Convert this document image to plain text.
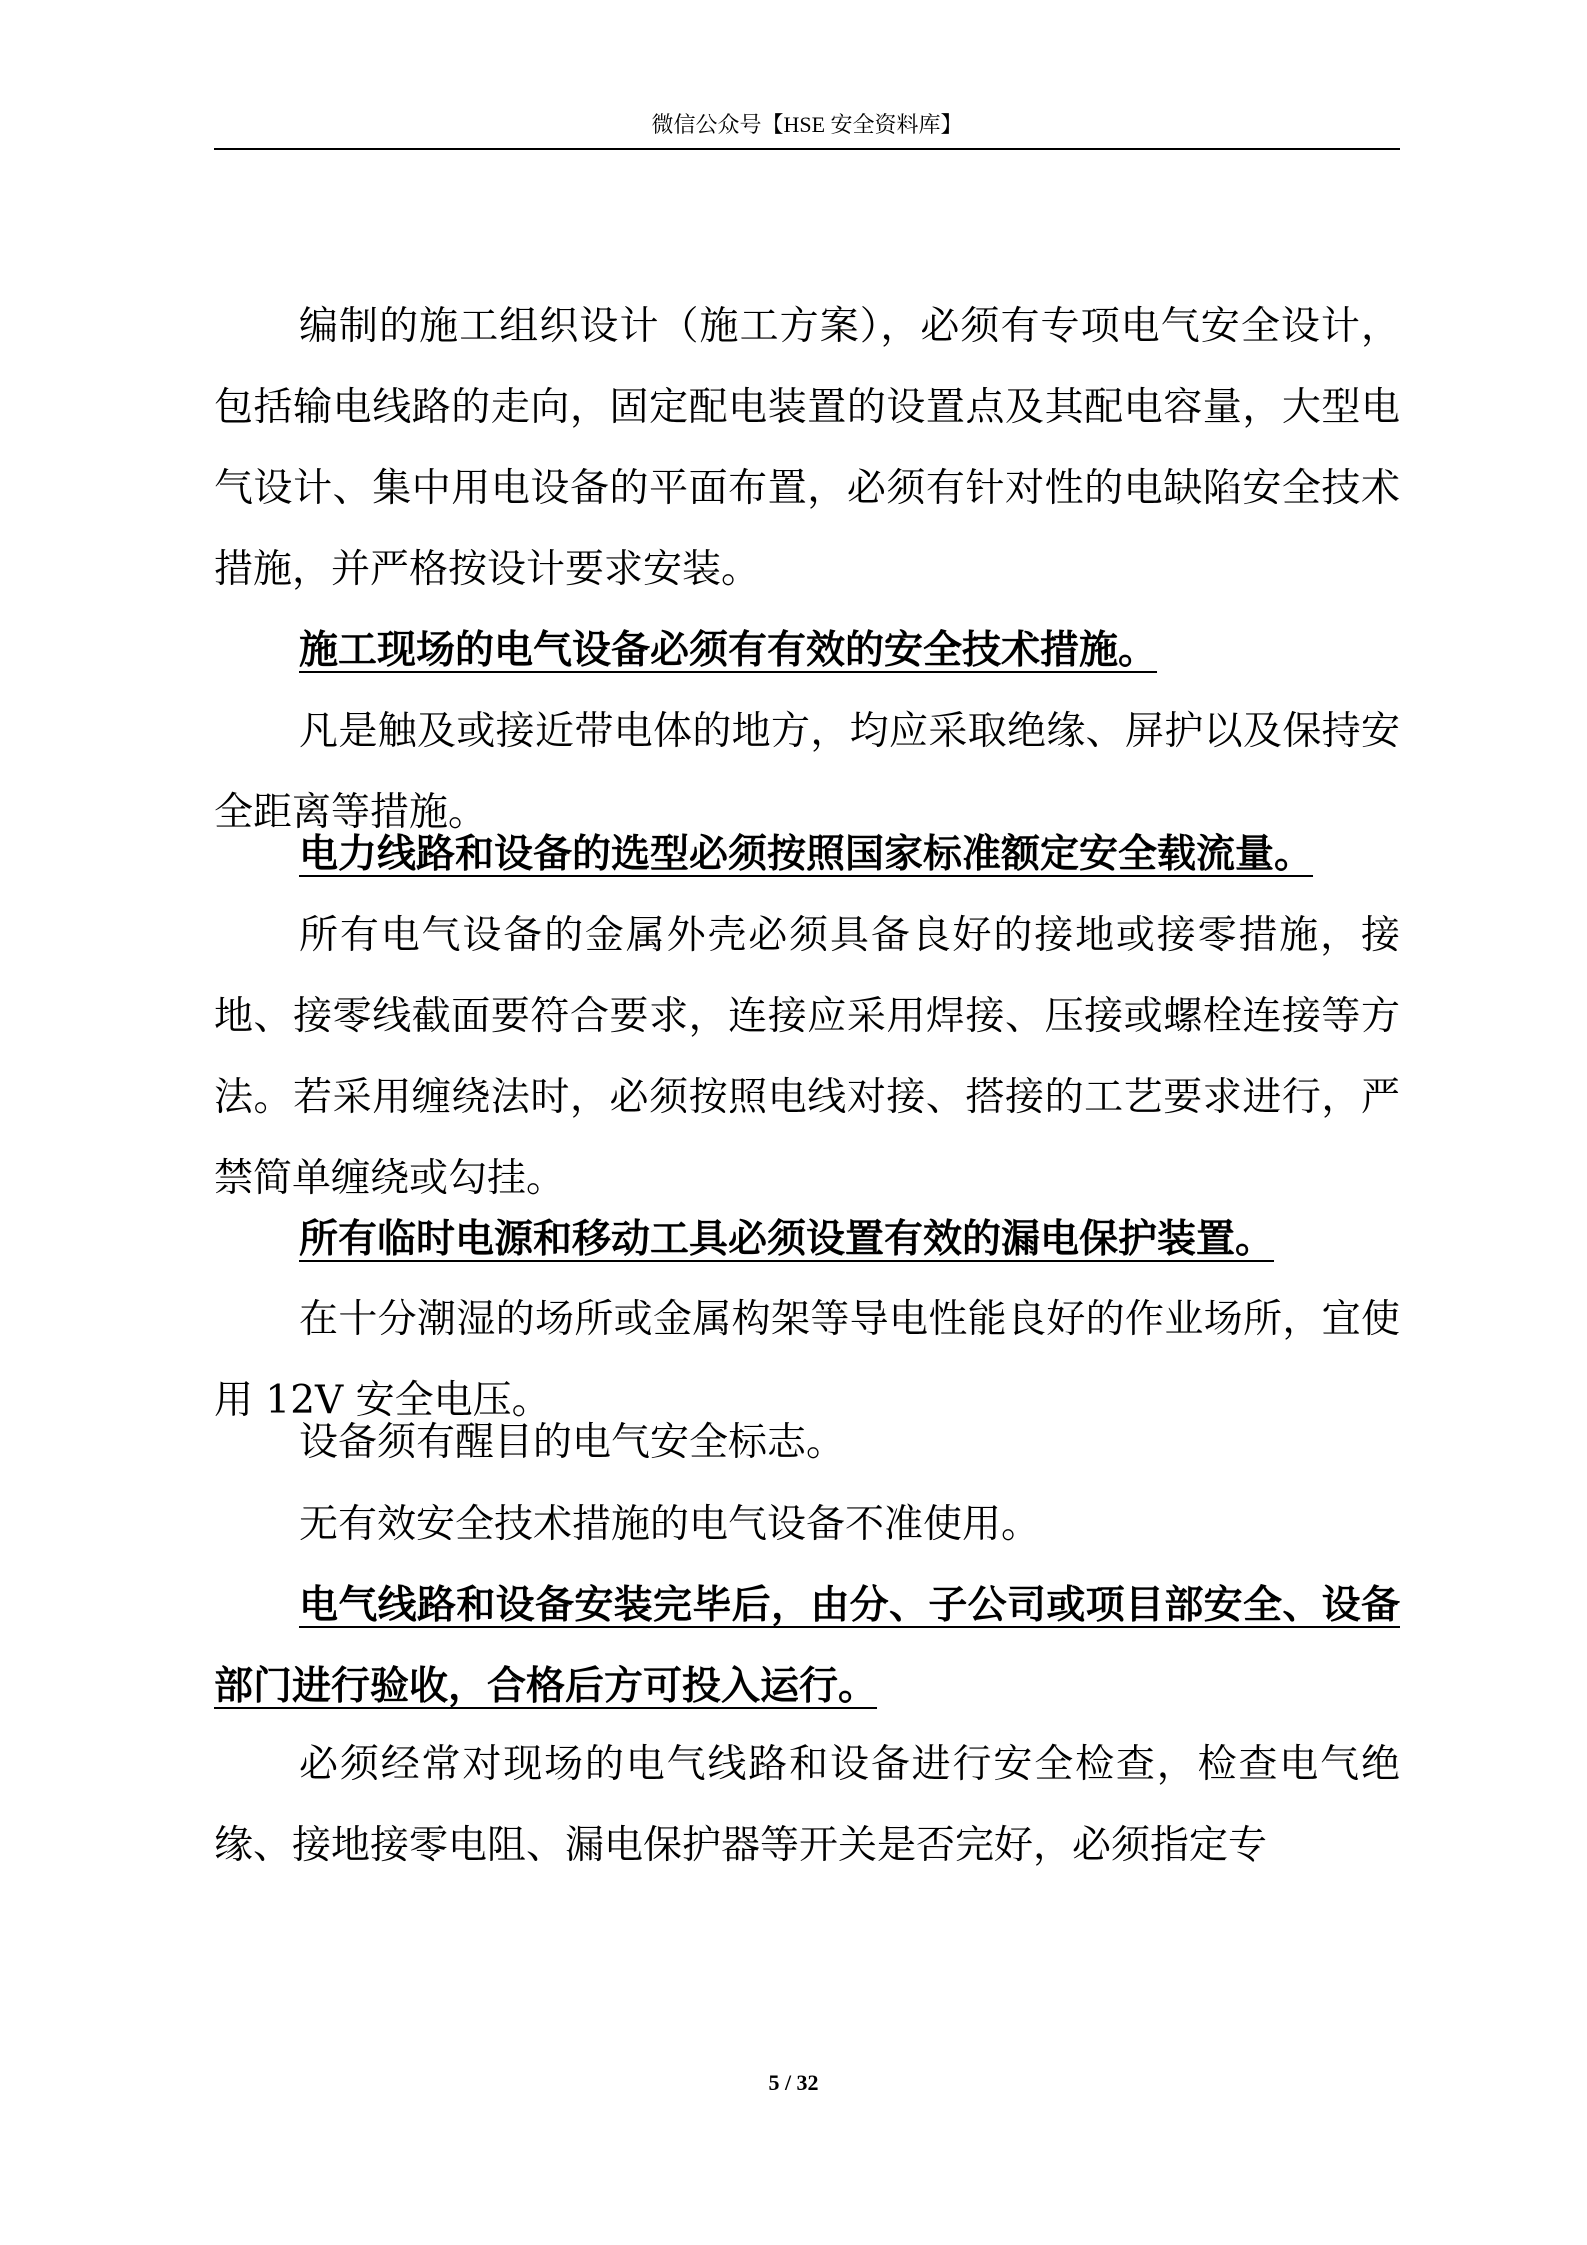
微信公众号【HSE 安全资料库】

编制的施工组织设计（施工方案），必须有专项电气安全设计，包括输电线路的走向，固定配电装置的设置点及其配电容量，大型电气设计、集中用电设备的平面布置，必须有针对性的电缺陷安全技术措施，并严格按设计要求安装。

施工现场的电气设备必须有有效的安全技术措施。

凡是触及或接近带电体的地方，均应采取绝缘、屏护以及保持安全距离等措施。

电力线路和设备的选型必须按照国家标准额定安全载流量。

所有电气设备的金属外壳必须具备良好的接地或接零措施，接地、接零线截面要符合要求，连接应采用焊接、压接或螺栓连接等方法。若采用缠绕法时，必须按照电线对接、搭接的工艺要求进行，严禁简单缠绕或勾挂。

所有临时电源和移动工具必须设置有效的漏电保护装置。

在十分潮湿的场所或金属构架等导电性能良好的作业场所，宜使用 12V 安全电压。

设备须有醒目的电气安全标志。

无有效安全技术措施的电气设备不准使用。

电气线路和设备安装完毕后，由分、子公司或项目部安全、设备部门进行验收，合格后方可投入运行。

必须经常对现场的电气线路和设备进行安全检查，检查电气绝缘、接地接零电阻、漏电保护器等开关是否完好，必须指定专

5 / 32
